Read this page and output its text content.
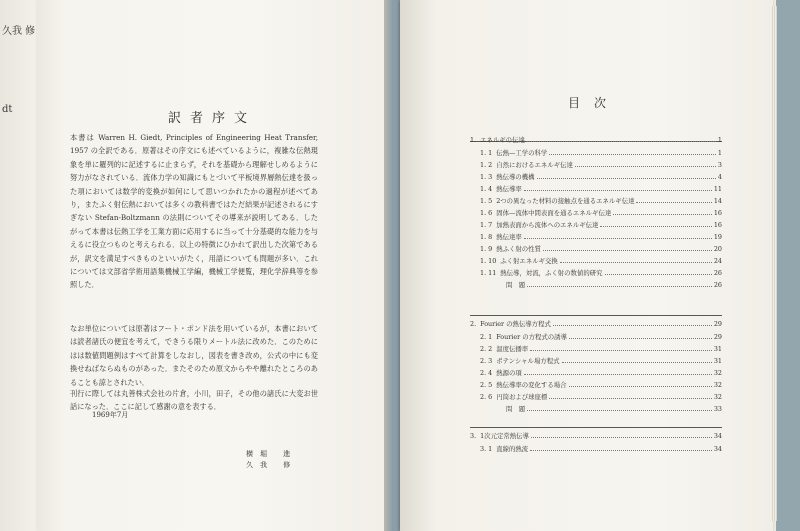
久我 修
dt
訳者序文

本書は Warren H. Giedt, Principles of Engineering Heat Transfer, 1957 の全訳である．原著はその序文にも述べているように，複雑な伝熱現象を単に羅列的に記述するに止まらず，それを基礎から理解せしめるように努力がなされている．流体力学の知識にもとづいて平板境界層熱伝達を扱った項においては数学的変換が如何にして思いつかれたかの過程が述べてあり，またふく射伝熱においては多くの教科書ではただ結果が記述されるにすぎない Stefan-Boltzmann の法則についてその導来が説明してある．したがって本書は伝熱工学を工業方面に応用するに当って十分基礎的な能力を与えるに役立つものと考えられる．以上の特徴にひかれて訳出した次第であるが，訳文を満足すべきものといいがたく，用語についても問題が多い．これについては文部省学術用語集機械工学編，機械工学便覧，理化学辞典等を参照した．

なお単位については原著はフート・ポンド法を用いているが，本書においては読者諸氏の便宜を考えて，できうる限りメートル法に改めた．このためにはは数値問題例はすべて計算をしなおし，図表を書き改め，公式の中にも変換せねばならぬものがあった．またそのため原文からやや離れたところのあることも諒とされたい．

刊行に際しては丸善株式会社の片倉，小川，田子，その他の諸氏に大変お世話になった．ここに記して感謝の意を表する．

1969年7月
横堀 進
久我 修
目次
1. エネルギの伝達	1
1. 1 伝熱—工学の科学	1
1. 2 自然におけるエネルギ伝達	3
1. 3 熱伝導の機構	4
1. 4 熱伝導率	11
1. 5 2つの異なった材料の接触点を通るエネルギ伝達	14
1. 6 固体—流体中間表面を通るエネルギ伝達	16
1. 7 加熱表面から流体へのエネルギ伝達	16
1. 8 熱伝達率	19
1. 9 熱ふく射の性質	20
1. 10 ふく射エネルギ交換	24
1. 11 熱伝導，対流，ふく射の数値的研究	26
問　題	26
2. Fourier の熱伝導方程式	29
2. 1 Fourier の方程式の誘導	29
2. 2 温度伝播率	31
2. 3 ポテンシャル場方程式	31
2. 4 熱源の項	32
2. 5 熱伝導率の変化する場合	32
2. 6 円筒および球座標	32
問　題	33
3. 1次元定常熱伝導	34
3. 1 直線的熱流	34
